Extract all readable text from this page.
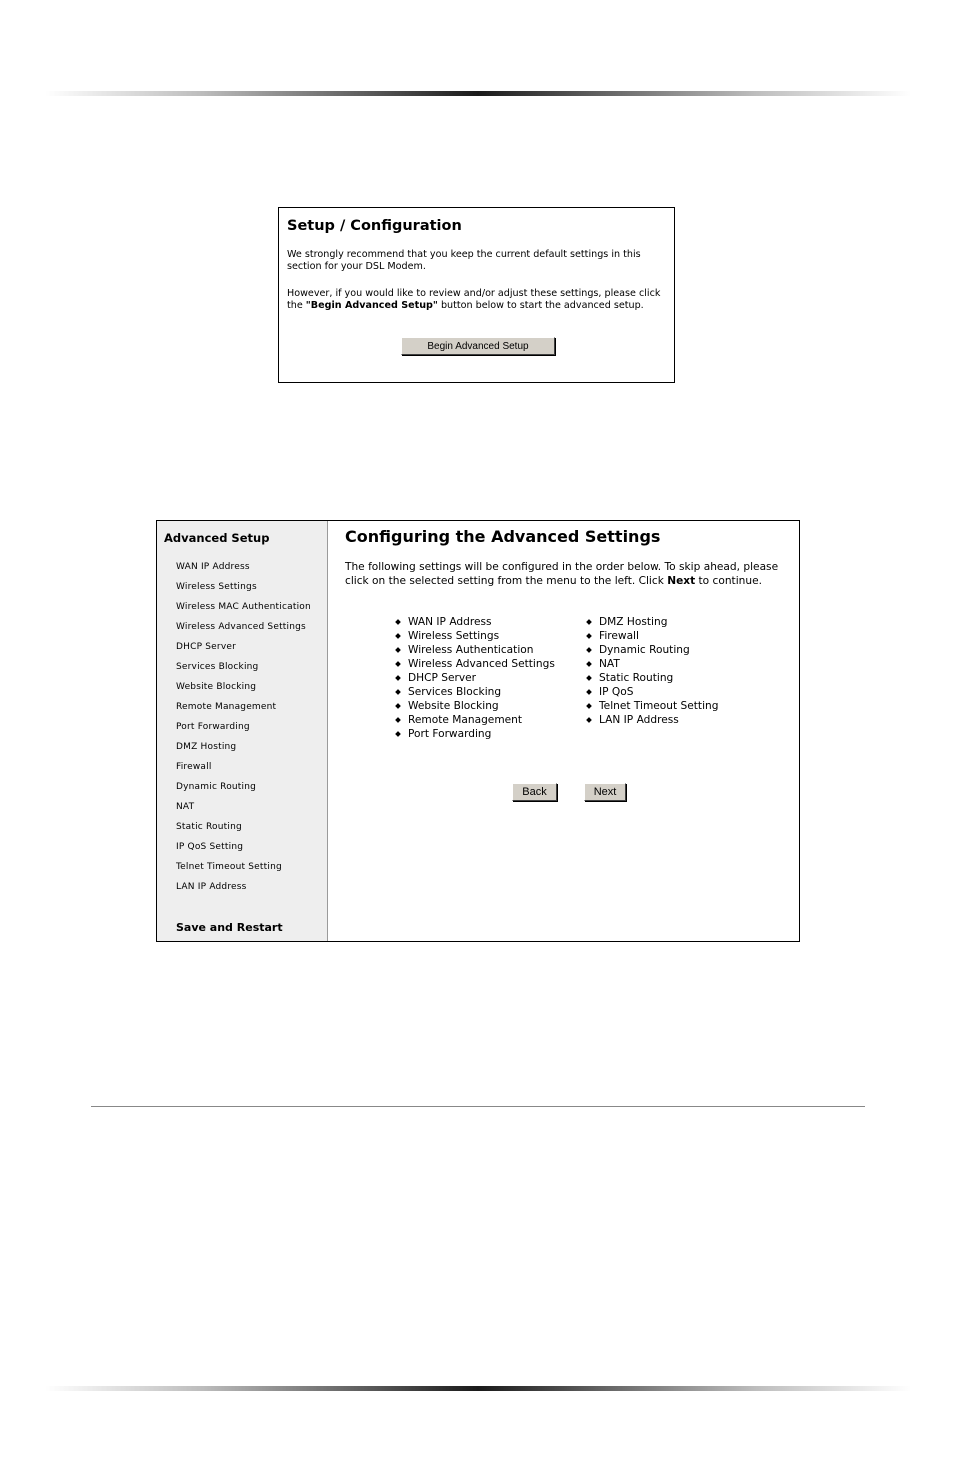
Setup / Configuration
We strongly recommend that you keep the current default settings in this section for your DSL Modem.
However, if you would like to review and/or adjust these settings, please click the "Begin Advanced Setup" button below to start the advanced setup.
Begin Advanced Setup
Advanced Setup
WAN IP Address
Wireless Settings
Wireless MAC Authentication
Wireless Advanced Settings
DHCP Server
Services Blocking
Website Blocking
Remote Management
Port Forwarding
DMZ Hosting
Firewall
Dynamic Routing
NAT
Static Routing
IP QoS Setting
Telnet Timeout Setting
LAN IP Address
Save and Restart
Configuring the Advanced Settings
The following settings will be configured in the order below. To skip ahead, please click on the selected setting from the menu to the left. Click Next to continue.
WAN IP Address
Wireless Settings
Wireless Authentication
Wireless Advanced Settings
DHCP Server
Services Blocking
Website Blocking
Remote Management
Port Forwarding
DMZ Hosting
Firewall
Dynamic Routing
NAT
Static Routing
IP QoS
Telnet Timeout Setting
LAN IP Address
Back	Next
